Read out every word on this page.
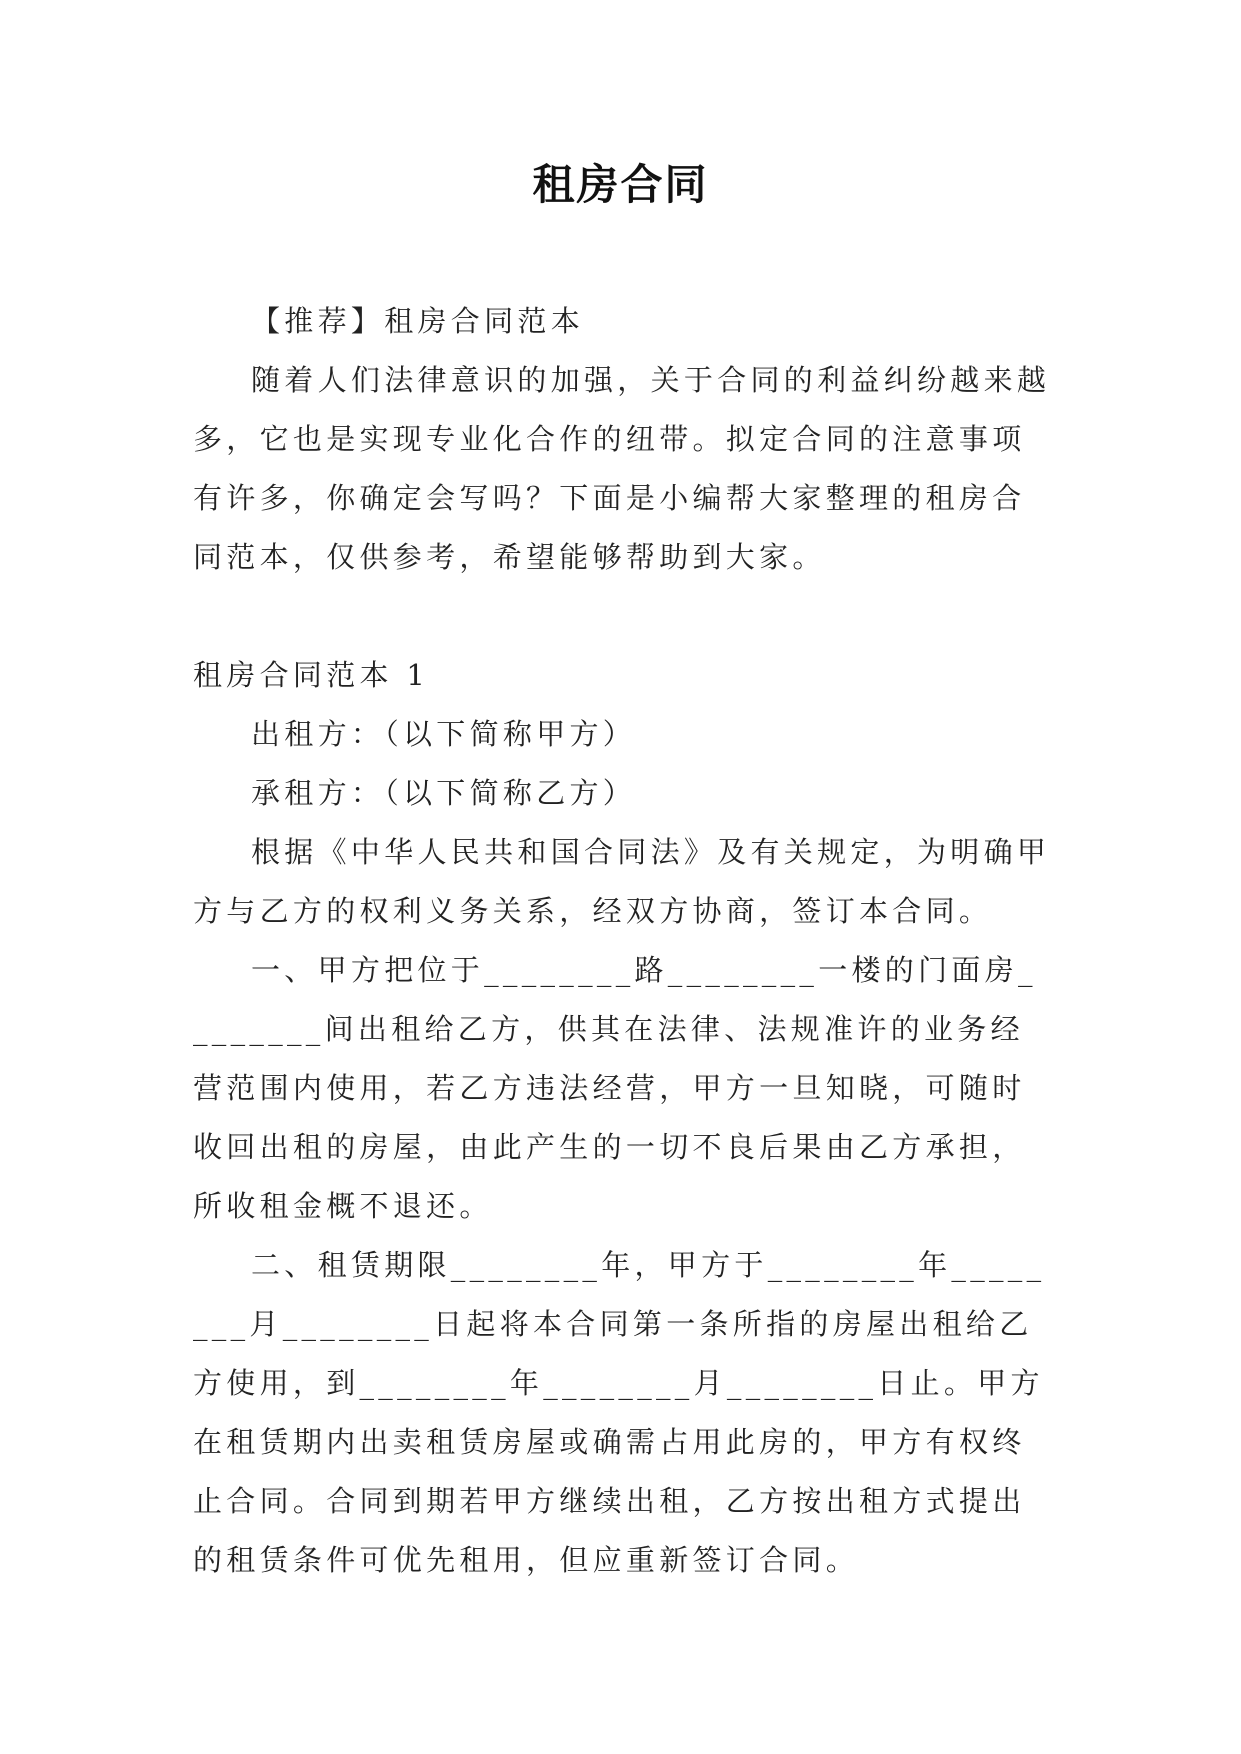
租房合同

【推荐】租房合同范本

随着人们法律意识的加强，关于合同的利益纠纷越来越多，它也是实现专业化合作的纽带。拟定合同的注意事项有许多，你确定会写吗？下面是小编帮大家整理的租房合同范本，仅供参考，希望能够帮助到大家。

租房合同范本 1

出租方：（以下简称甲方）

承租方：（以下简称乙方）

根据《中华人民共和国合同法》及有关规定，为明确甲方与乙方的权利义务关系，经双方协商，签订本合同。

一、甲方把位于________路________一楼的门面房________间出租给乙方，供其在法律、法规准许的业务经营范围内使用，若乙方违法经营，甲方一旦知晓，可随时收回出租的房屋，由此产生的一切不良后果由乙方承担，所收租金概不退还。

二、租赁期限________年，甲方于________年________月________日起将本合同第一条所指的房屋出租给乙方使用，到________年________月________日止。甲方在租赁期内出卖租赁房屋或确需占用此房的，甲方有权终止合同。合同到期若甲方继续出租，乙方按出租方式提出的租赁条件可优先租用，但应重新签订合同。
